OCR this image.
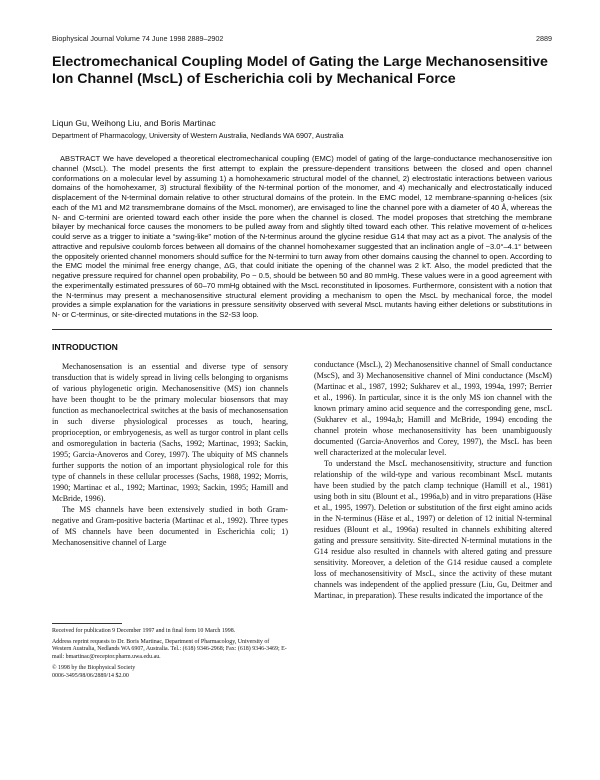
Biophysical Journal Volume 74 June 1998 2889–2902	2889
Electromechanical Coupling Model of Gating the Large Mechanosensitive Ion Channel (MscL) of Escherichia coli by Mechanical Force
Liqun Gu, Weihong Liu, and Boris Martinac
Department of Pharmacology, University of Western Australia, Nedlands WA 6907, Australia

ABSTRACT We have developed a theoretical electromechanical coupling (EMC) model of gating of the large-conductance mechanosensitive ion channel (MscL). The model presents the first attempt to explain the pressure-dependent transitions between the closed and open channel conformations on a molecular level by assuming 1) a homohexameric structural model of the channel, 2) electrostatic interactions between various domains of the homohexamer, 3) structural flexibility of the N-terminal portion of the monomer, and 4) mechanically and electrostatically induced displacement of the N-terminal domain relative to other structural domains of the protein. In the EMC model, 12 membrane-spanning α-helices (six each of the M1 and M2 transmembrane domains of the MscL monomer), are envisaged to line the channel pore with a diameter of 40 Å, whereas the N- and C-termini are oriented toward each other inside the pore when the channel is closed. The model proposes that stretching the membrane bilayer by mechanical force causes the monomers to be pulled away from and slightly tilted toward each other. This relative movement of α-helices could serve as a trigger to initiate a “swing-like” motion of the N-terminus around the glycine residue G14 that may act as a pivot. The analysis of the attractive and repulsive coulomb forces between all domains of the channel homohexamer suggested that an inclination angle of ~3.0°–4.1° between the oppositely oriented channel monomers should suffice for the N-termini to turn away from other domains causing the channel to open. According to the EMC model the minimal free energy change, ΔG, that could initiate the opening of the channel was 2 kT. Also, the model predicted that the negative pressure required for channel open probability, Po ~ 0.5, should be between 50 and 80 mmHg. These values were in a good agreement with the experimentally estimated pressures of 60–70 mmHg obtained with the MscL reconstituted in liposomes. Furthermore, consistent with a notion that the N-terminus may present a mechanosensitive structural element providing a mechanism to open the MscL by mechanical force, the model provides a simple explanation for the variations in pressure sensitivity observed with several MscL mutants having either deletions or substitutions in N- or C-terminus, or site-directed mutations in the S2-S3 loop.

INTRODUCTION

Mechanosensation is an essential and diverse type of sensory transduction that is widely spread in living cells belonging to organisms of various phylogenetic origin. Mechanosensitive (MS) ion channels have been thought to be the primary molecular biosensors that may function as mechanoelectrical switches at the basis of mechanosensation in such diverse physiological processes as touch, hearing, proprioception, or embryogenesis, as well as turgor control in plant cells and osmoregulation in bacteria (Sachs, 1992; Martinac, 1993; Sackin, 1995; Garcia-Anoveros and Corey, 1997). The ubiquity of MS channels further supports the notion of an important physiological role for this type of channels in these cellular processes (Sachs, 1988, 1992; Morris, 1990; Martinac et al., 1992; Martinac, 1993; Sackin, 1995; Hamill and McBride, 1996).

The MS channels have been extensively studied in both Gram-negative and Gram-positive bacteria (Martinac et al., 1992). Three types of MS channels have been documented in Escherichia coli; 1) Mechanosensitive channel of Large

conductance (MscL), 2) Mechanosensitive channel of Small conductance (MscS), and 3) Mechanosensitive channel of Mini conductance (MscM) (Martinac et al., 1987, 1992; Sukharev et al., 1993, 1994a, 1997; Berrier et al., 1996). In particular, since it is the only MS ion channel with the known primary amino acid sequence and the corresponding gene, mscL (Sukharev et al., 1994a,b; Hamill and McBride, 1994) encoding the channel protein whose mechanosensitivity has been unambiguously documented (Garcia-Anoverños and Corey, 1997), the MscL has been well characterized at the molecular level.

To understand the MscL mechanosensitivity, structure and function relationship of the wild-type and various recombinant MscL mutants have been studied by the patch clamp technique (Hamill et al., 1981) using both in situ (Blount et al., 1996a,b) and in vitro preparations (Häse et al., 1995, 1997). Deletion or substitution of the first eight amino acids in the N-terminus (Häse et al., 1997) or deletion of 12 initial N-terminal residues (Blount et al., 1996a) resulted in channels exhibiting altered gating and pressure sensitivity. Site-directed N-terminal mutations in the G14 residue also resulted in channels with altered gating and pressure sensitivity. Moreover, a deletion of the G14 residue caused a complete loss of mechanosensitivity of MscL, since the activity of these mutant channels was independent of the applied pressure (Liu, Gu, Deitmer and Martinac, in preparation). These results indicated the importance of the

Received for publication 9 December 1997 and in final form 10 March 1998.
Address reprint requests to Dr. Boris Martinac, Department of Pharmacology, University of Western Australia, Nedlands WA 6907, Australia. Tel.: (618) 9346-2968; Fax: (618) 9346-3469; E-mail: bmartinac@receptor.pharm.uwa.edu.au.
© 1998 by the Biophysical Society
0006-3495/98/06/2889/14 $2.00
